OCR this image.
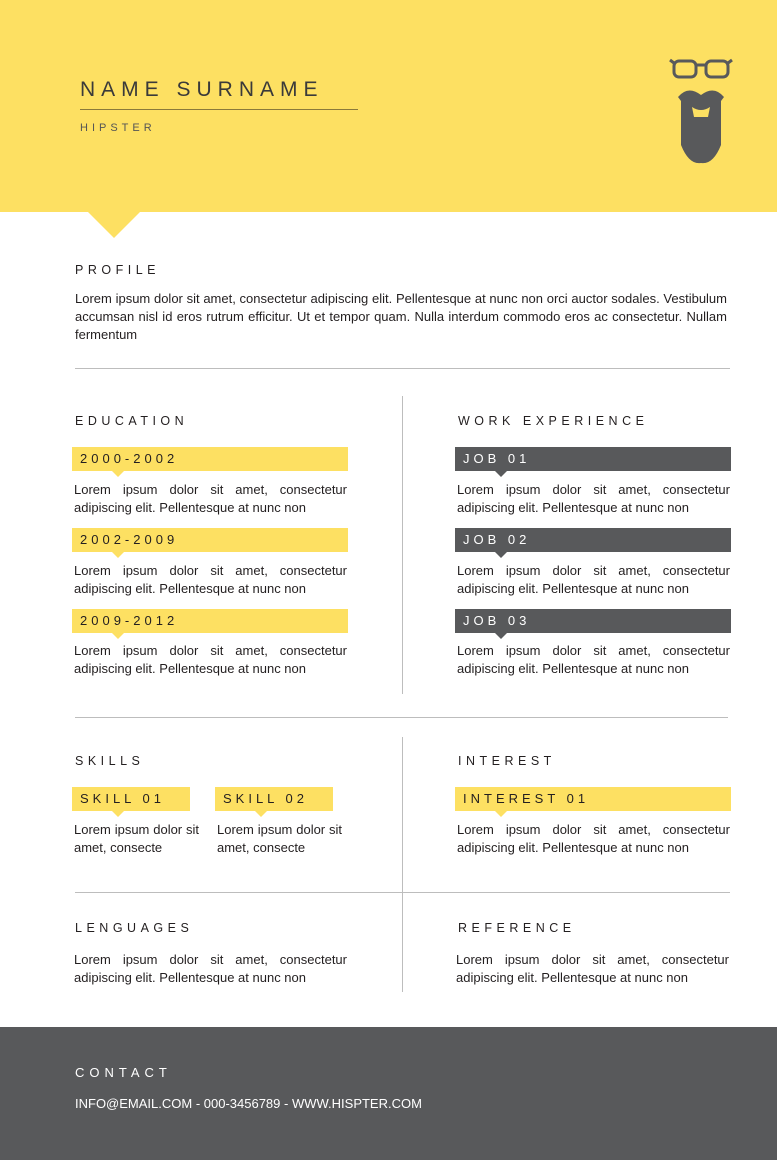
NAME SURNAME
HIPSTER
PROFILE
Lorem ipsum dolor sit amet, consectetur adipiscing elit. Pellentesque at nunc non orci auctor sodales. Vestibulum accumsan nisl id eros rutrum efficitur. Ut et tempor quam. Nulla interdum commodo eros ac consectetur. Nullam fermentum
EDUCATION
2000-2002
Lorem ipsum dolor sit amet, consectetur adipiscing elit. Pellentesque at nunc non
2002-2009
Lorem ipsum dolor sit amet, consectetur adipiscing elit. Pellentesque at nunc non
2009-2012
Lorem ipsum dolor sit amet, consectetur adipiscing elit. Pellentesque at nunc non
WORK EXPERIENCE
JOB 01
Lorem ipsum dolor sit amet, consectetur adipiscing elit. Pellentesque at nunc non
JOB 02
Lorem ipsum dolor sit amet, consectetur adipiscing elit. Pellentesque at nunc non
JOB 03
Lorem ipsum dolor sit amet, consectetur adipiscing elit. Pellentesque at nunc non
SKILLS
SKILL 01
Lorem ipsum dolor sit amet, consecte
SKILL 02
Lorem ipsum dolor sit amet, consecte
INTEREST
INTEREST 01
Lorem ipsum dolor sit amet, consectetur adipiscing elit. Pellentesque at nunc non
LENGUAGES
Lorem ipsum dolor sit amet, consectetur adipiscing elit. Pellentesque at nunc non
REFERENCE
Lorem ipsum dolor sit amet, consectetur adipiscing elit. Pellentesque at nunc non
CONTACT
INFO@EMAIL.COM - 000-3456789 - WWW.HISPTER.COM
